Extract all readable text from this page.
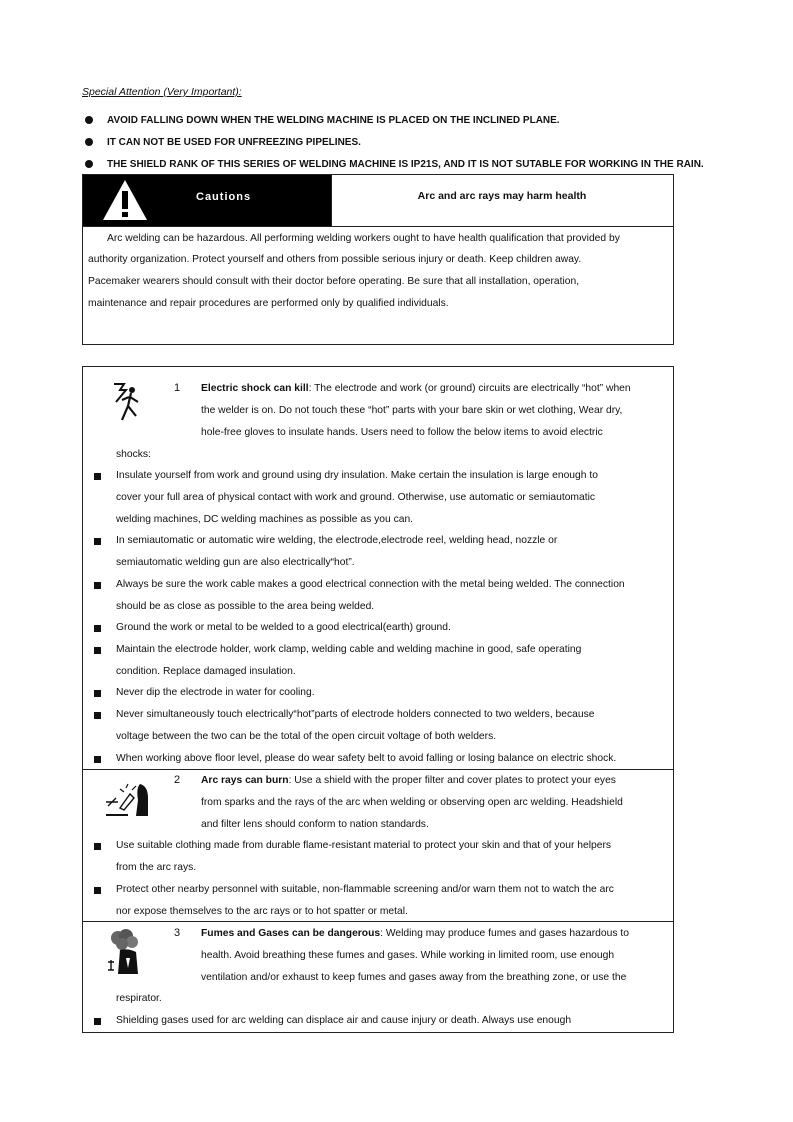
Special Attention (Very Important):
AVOID FALLING DOWN WHEN THE WELDING MACHINE IS PLACED ON THE INCLINED PLANE.
IT CAN NOT BE USED FOR UNFREEZING PIPELINES.
THE SHIELD RANK OF THIS SERIES OF WELDING MACHINE IS IP21S, AND IT IS NOT SUTABLE FOR WORKING IN THE RAIN.
Cautions	Arc and arc rays may harm health
Arc welding can be hazardous. All performing welding workers ought to have health qualification that provided by
authority organization. Protect yourself and others from possible serious injury or death. Keep children away.
Pacemaker wearers should consult with their doctor before operating. Be sure that all installation, operation,
maintenance and repair procedures are performed only by qualified individuals.
1 Electric shock can kill: The electrode and work (or ground) circuits are electrically “hot” when
the welder is on. Do not touch these “hot” parts with your bare skin or wet clothing, Wear dry,
hole-free gloves to insulate hands. Users need to follow the below items to avoid electric
shocks:
Insulate yourself from work and ground using dry insulation. Make certain the insulation is large enough to
cover your full area of physical contact with work and ground. Otherwise, use automatic or semiautomatic
welding machines, DC welding machines as possible as you can.
In semiautomatic or automatic wire welding, the electrode,electrode reel, welding head, nozzle or
semiautomatic welding gun are also electrically“hot”.
Always be sure the work cable makes a good electrical connection with the metal being welded. The connection
should be as close as possible to the area being welded.
Ground the work or metal to be welded to a good electrical(earth) ground.
Maintain the electrode holder, work clamp, welding cable and welding machine in good, safe operating
condition. Replace damaged insulation.
Never dip the electrode in water for cooling.
Never simultaneously touch electrically“hot”parts of electrode holders connected to two welders, because
voltage between the two can be the total of the open circuit voltage of both welders.
When working above floor level, please do wear safety belt to avoid falling or losing balance on electric shock.
2 Arc rays can burn: Use a shield with the proper filter and cover plates to protect your eyes
from sparks and the rays of the arc when welding or observing open arc welding. Headshield
and filter lens should conform to nation standards.
Use suitable clothing made from durable flame-resistant material to protect your skin and that of your helpers
from the arc rays.
Protect other nearby personnel with suitable, non-flammable screening and/or warn them not to watch the arc
nor expose themselves to the arc rays or to hot spatter or metal.
3 Fumes and Gases can be dangerous: Welding may produce fumes and gases hazardous to
health. Avoid breathing these fumes and gases. While working in limited room, use enough
ventilation and/or exhaust to keep fumes and gases away from the breathing zone, or use the
respirator.
Shielding gases used for arc welding can displace air and cause injury or death. Always use enough
